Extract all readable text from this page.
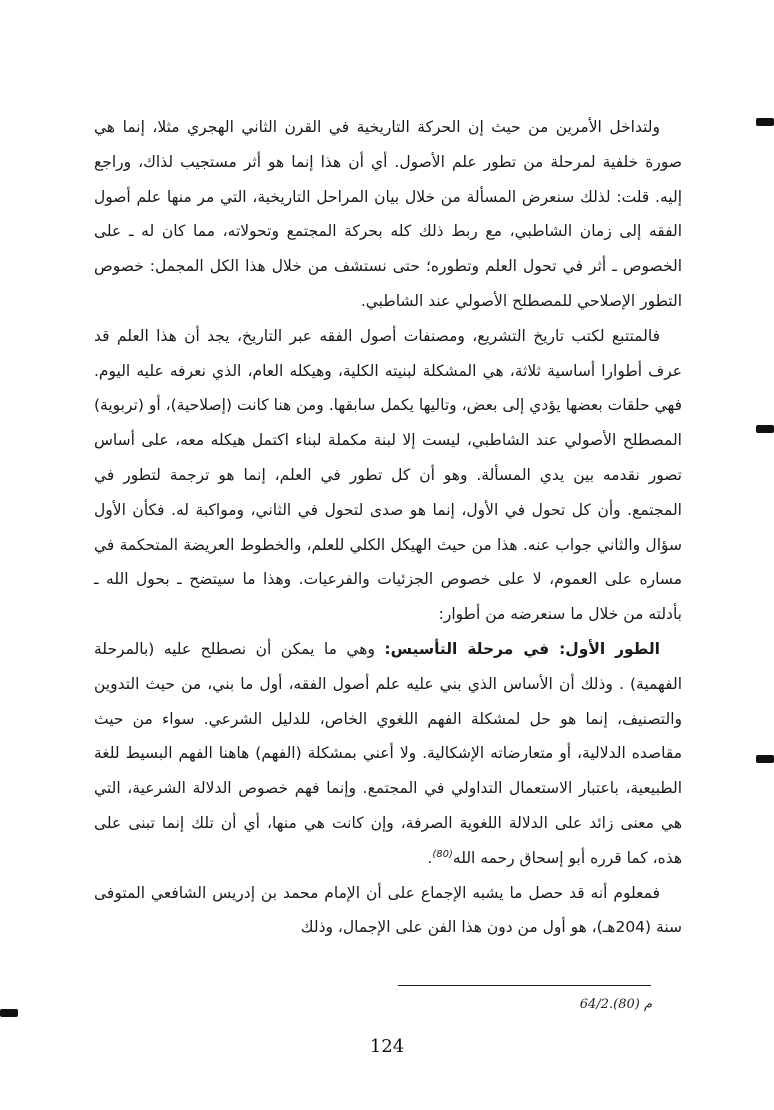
ولتداخل الأمرين من حيث إن الحركة التاريخية في القرن الثاني الهجري مثلا، إنما هي صورة خلفية لمرحلة من تطور علم الأصول. أي أن هذا إنما هو أثر مستجيب لذاك، وراجع إليه. قلت: لذلك سنعرض المسألة من خلال بيان المراحل التاريخية، التي مر منها علم أصول الفقه إلى زمان الشاطبي، مع ربط ذلك كله بحركة المجتمع وتحولاته، مما كان له ـ على الخصوص ـ أثر في تحول العلم وتطوره؛ حتى نستشف من خلال هذا الكل المجمل: خصوص التطور الإصلاحي للمصطلح الأصولي عند الشاطبي.

فالمتتبع لكتب تاريخ التشريع، ومصنفات أصول الفقه عبر التاريخ، يجد أن هذا العلم قد عرف أطوارا أساسية ثلاثة، هي المشكلة لبنيته الكلية، وهيكله العام، الذي نعرفه عليه اليوم. فهي حلقات بعضها يؤدي إلى بعض، وتاليها يكمل سابقها. ومن هنا كانت (إصلاحية)، أو (تربوية) المصطلح الأصولي عند الشاطبي، ليست إلا لبنة مكملة لبناء اكتمل هيكله معه، على أساس تصور نقدمه بين يدي المسألة. وهو أن كل تطور في العلم، إنما هو ترجمة لتطور في المجتمع. وأن كل تحول في الأول، إنما هو صدى لتحول في الثاني، ومواكبة له. فكأن الأول سؤال والثاني جواب عنه. هذا من حيث الهيكل الكلي للعلم، والخطوط العريضة المتحكمة في مساره على العموم، لا على خصوص الجزئيات والفرعيات. وهذا ما سيتضح ـ بحول الله ـ بأدلته من خلال ما سنعرضه من أطوار:

الطور الأول: في مرحلة التأسيس: وهي ما يمكن أن نصطلح عليه (بالمرحلة الفهمية) . وذلك أن الأساس الذي بني عليه علم أصول الفقه، أول ما بني، من حيث التدوين والتصنيف، إنما هو حل لمشكلة الفهم اللغوي الخاص، للدليل الشرعي. سواء من حيث مقاصده الدلالية، أو متعارضاته الإشكالية. ولا أعني بمشكلة (الفهم) هاهنا الفهم البسيط للغة الطبيعية، باعتبار الاستعمال التداولي في المجتمع. وإنما فهم خصوص الدلالة الشرعية، التي هي معنى زائد على الدلالة اللغوية الصرفة، وإن كانت هي منها، أي أن تلك إنما تبنى على هذه، كما قرره أبو إسحاق رحمه الله$^{(80)}$.

فمعلوم أنه قد حصل ما يشبه الإجماع على أن الإمام محمد بن إدريس الشافعي المتوفى سنة (204هـ)، هو أول من دون هذا الفن على الإجمال، وذلك

64/2.م (80)
124
